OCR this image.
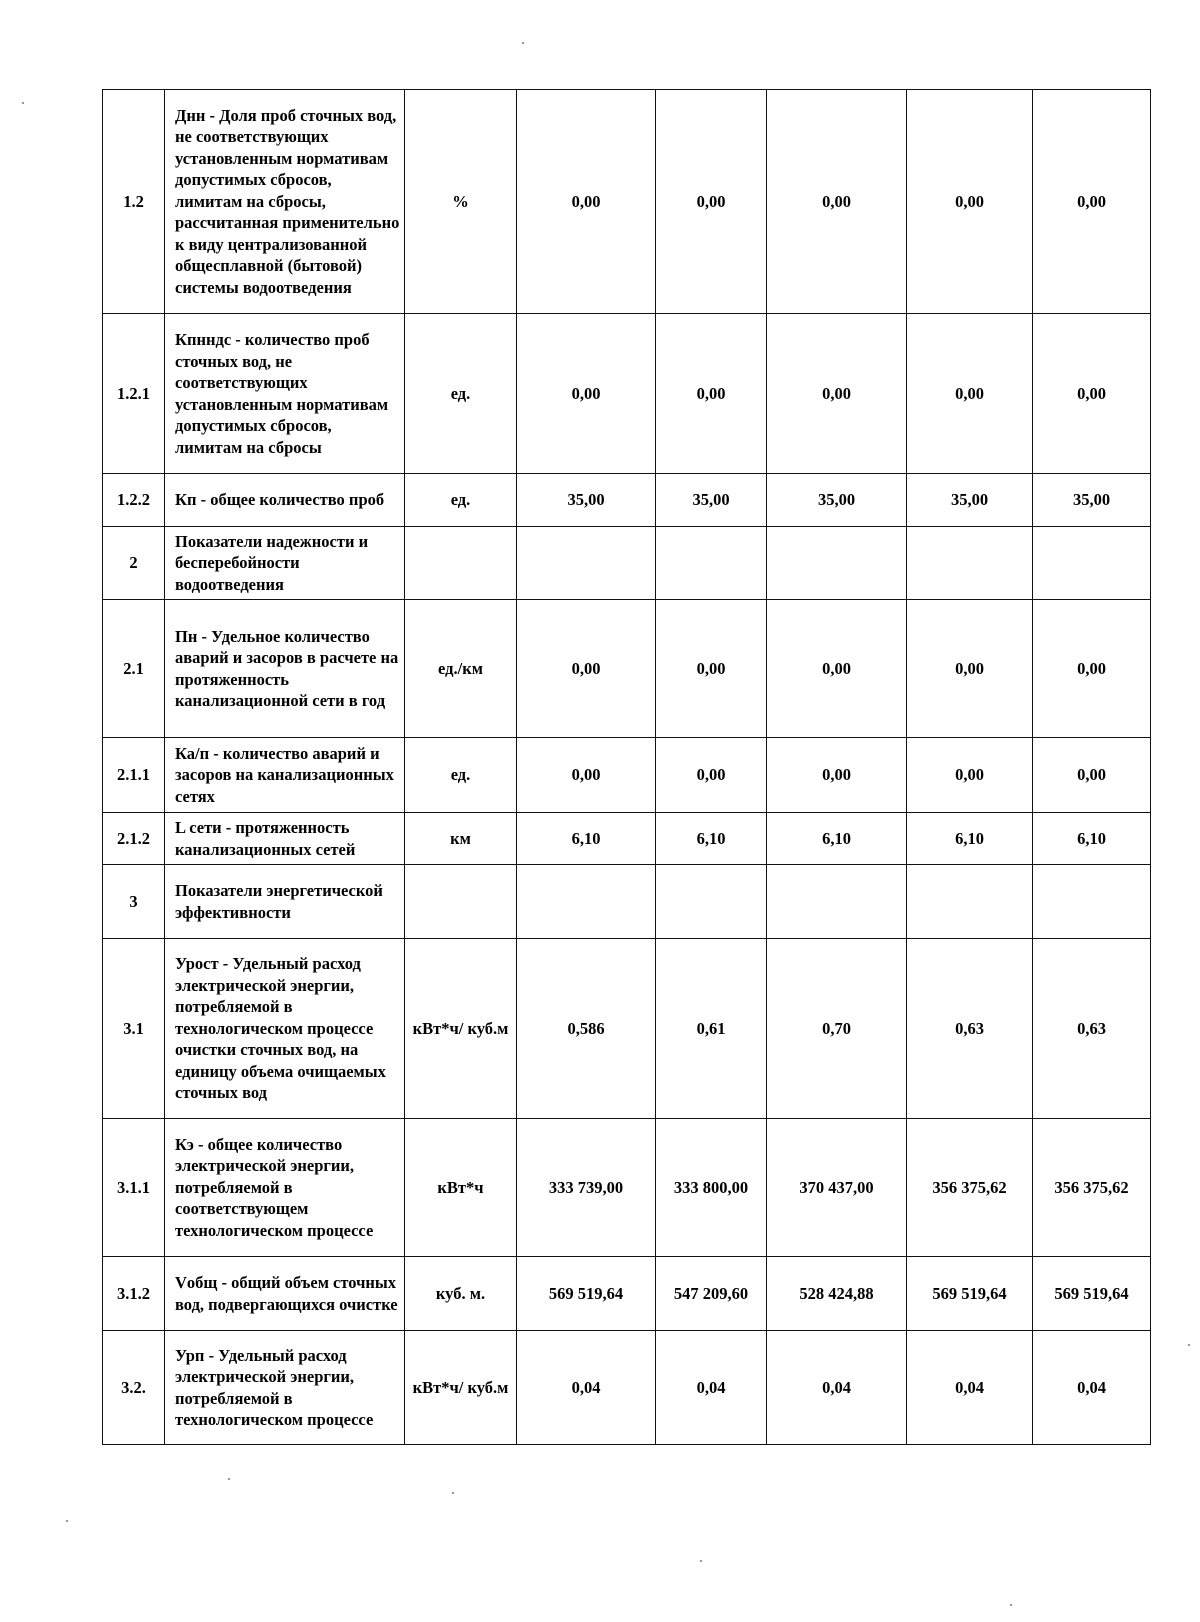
1.2	Днн - Доля проб сточных вод, не соответствующих установленным нормативам допустимых сбросов, лимитам на сбросы, рассчитанная применительно к виду централизованной общесплавной (бытовой) системы водоотведения	%	0,00	0,00	0,00	0,00	0,00
1.2.1	Кпнндс - количество проб сточных вод, не соответствующих установленным нормативам допустимых сбросов, лимитам на сбросы	ед.	0,00	0,00	0,00	0,00	0,00
1.2.2	Кп - общее количество проб	ед.	35,00	35,00	35,00	35,00	35,00
2	Показатели надежности и бесперебойности водоотведения						
2.1	Пн - Удельное количество аварий и засоров в расчете на протяженность канализационной сети в год	ед./км	0,00	0,00	0,00	0,00	0,00
2.1.1	Ка/п - количество аварий и засоров на канализационных сетях	ед.	0,00	0,00	0,00	0,00	0,00
2.1.2	L сети - протяженность канализационных сетей	км	6,10	6,10	6,10	6,10	6,10
3	Показатели энергетической эффективности						
3.1	Урост - Удельный расход электрической энергии, потребляемой в технологическом процессе очистки сточных вод, на единицу объема очищаемых сточных вод	кВт*ч/ куб.м	0,586	0,61	0,70	0,63	0,63
3.1.1	Кэ - общее количество электрической энергии, потребляемой в соответствующем технологическом процессе	кВт*ч	333 739,00	333 800,00	370 437,00	356 375,62	356 375,62
3.1.2	Vобщ - общий объем сточных вод, подвергающихся очистке	куб. м.	569 519,64	547 209,60	528 424,88	569 519,64	569 519,64
3.2.	Урп - Удельный расход электрической энергии, потребляемой в технологическом процессе	кВт*ч/ куб.м	0,04	0,04	0,04	0,04	0,04
